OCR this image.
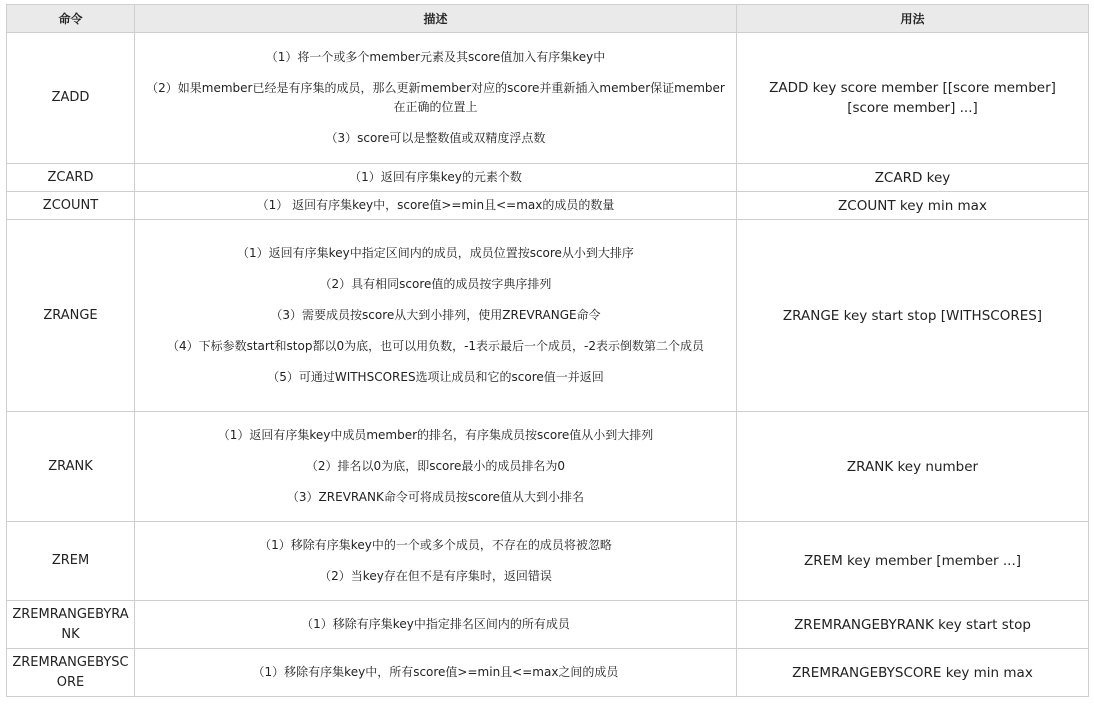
命令	描述	用法
ZADD	（1）将一个或多个member元素及其score值加入有序集key中

（2）如果member已经是有序集的成员，那么更新member对应的score并重新插入member保证member在正确的位置上

（3）score可以是整数值或双精度浮点数	ZADD key score member [[score member] [score member] ...]
ZCARD	（1）返回有序集key的元素个数	ZCARD key
ZCOUNT	（1） 返回有序集key中，score值>=min且<=max的成员的数量	ZCOUNT key min max
ZRANGE	（1）返回有序集key中指定区间内的成员，成员位置按score从小到大排序

（2）具有相同score值的成员按字典序排列

（3）需要成员按score从大到小排列，使用ZREVRANGE命令

（4）下标参数start和stop都以0为底，也可以用负数，-1表示最后一个成员，-2表示倒数第二个成员

（5）可通过WITHSCORES选项让成员和它的score值一并返回	ZRANGE key start stop [WITHSCORES]
ZRANK	（1）返回有序集key中成员member的排名，有序集成员按score值从小到大排列

（2）排名以0为底，即score最小的成员排名为0

（3）ZREVRANK命令可将成员按score值从大到小排名	ZRANK key number
ZREM	（1）移除有序集key中的一个或多个成员，不存在的成员将被忽略

（2）当key存在但不是有序集时，返回错误	ZREM key member [member ...]
ZREMRANGEBYRANK	（1）移除有序集key中指定排名区间内的所有成员	ZREMRANGEBYRANK key start stop
ZREMRANGEBYSCORE	（1）移除有序集key中，所有score值>=min且<=max之间的成员	ZREMRANGEBYSCORE key min max
